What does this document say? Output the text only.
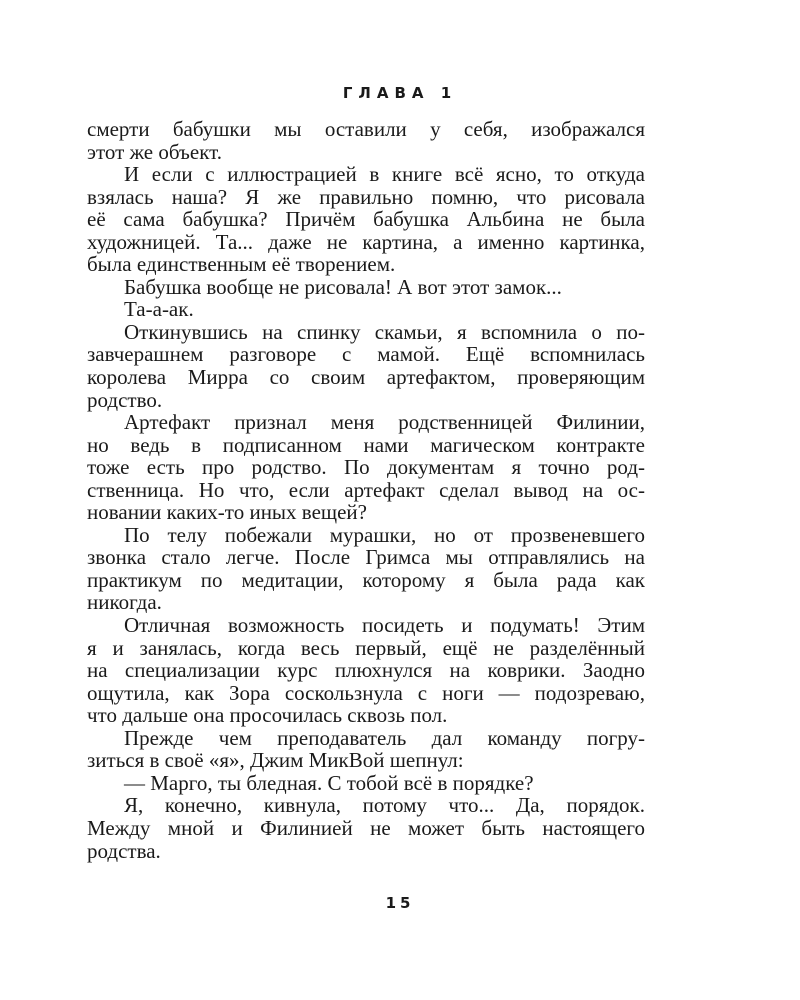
ГЛАВА 1
смерти бабушки мы оставили у себя, изображался
этот же объект.
И если с иллюстрацией в книге всё ясно, то откуда
взялась наша? Я же правильно помню, что рисовала
её сама бабушка? Причём бабушка Альбина не была
художницей. Та... даже не картина, а именно картинка,
была единственным её творением.
Бабушка вообще не рисовала! А вот этот замок...
Та-а-ак.
Откинувшись на спинку скамьи, я вспомнила о по-
завчерашнем разговоре с мамой. Ещё вспомнилась
королева Мирра со своим артефактом, проверяющим
родство.
Артефакт признал меня родственницей Филинии,
но ведь в подписанном нами магическом контракте
тоже есть про родство. По документам я точно род-
ственница. Но что, если артефакт сделал вывод на ос-
новании каких-то иных вещей?
По телу побежали мурашки, но от прозвеневшего
звонка стало легче. После Гримса мы отправлялись на
практикум по медитации, которому я была рада как
никогда.
Отличная возможность посидеть и подумать! Этим
я и занялась, когда весь первый, ещё не разделённый
на специализации курс плюхнулся на коврики. Заодно
ощутила, как Зора соскользнула с ноги — подозреваю,
что дальше она просочилась сквозь пол.
Прежде чем преподаватель дал команду погру-
зиться в своё «я», Джим МикВой шепнул:
— Марго, ты бледная. С тобой всё в порядке?
Я, конечно, кивнула, потому что... Да, порядок.
Между мной и Филинией не может быть настоящего
родства.
15
